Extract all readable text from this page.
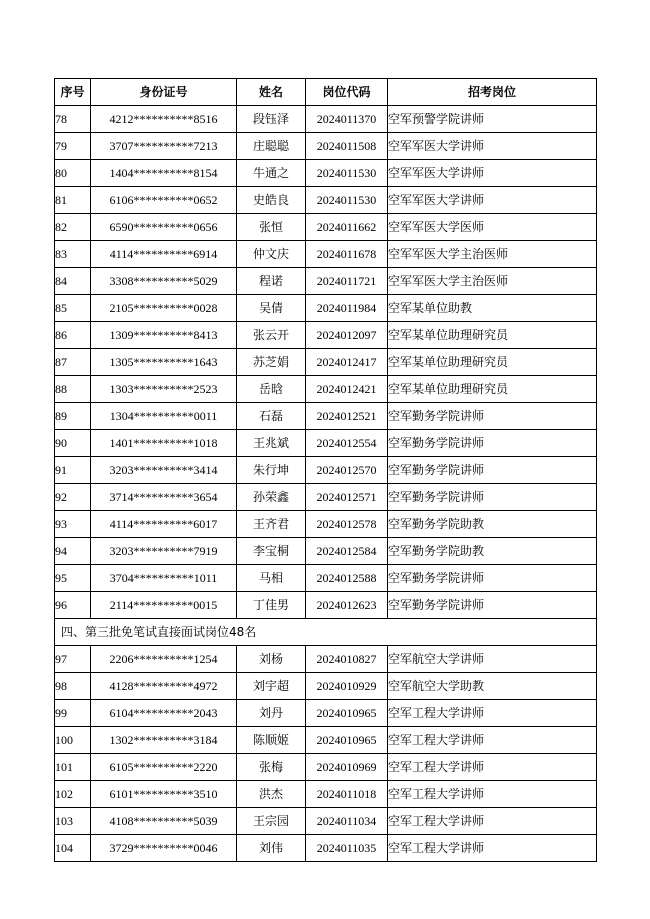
序号	身份证号	姓名	岗位代码	招考岗位
78	4212**********8516	段钰泽	2024011370	空军预警学院讲师
79	3707**********7213	庄聪聪	2024011508	空军军医大学讲师
80	1404**********8154	牛通之	2024011530	空军军医大学讲师
81	6106**********0652	史皓良	2024011530	空军军医大学讲师
82	6590**********0656	张恒	2024011662	空军军医大学医师
83	4114**********6914	仲文庆	2024011678	空军军医大学主治医师
84	3308**********5029	程诺	2024011721	空军军医大学主治医师
85	2105**********0028	吴倩	2024011984	空军某单位助教
86	1309**********8413	张云开	2024012097	空军某单位助理研究员
87	1305**********1643	苏芝娟	2024012417	空军某单位助理研究员
88	1303**********2523	岳晗	2024012421	空军某单位助理研究员
89	1304**********0011	石磊	2024012521	空军勤务学院讲师
90	1401**********1018	王兆斌	2024012554	空军勤务学院讲师
91	3203**********3414	朱行坤	2024012570	空军勤务学院讲师
92	3714**********3654	孙荣鑫	2024012571	空军勤务学院讲师
93	4114**********6017	王齐君	2024012578	空军勤务学院助教
94	3203**********7919	李宝桐	2024012584	空军勤务学院助教
95	3704**********1011	马相	2024012588	空军勤务学院讲师
96	2114**********0015	丁佳男	2024012623	空军勤务学院讲师
四、第三批免笔试直接面试岗位48名				
97	2206**********1254	刘杨	2024010827	空军航空大学讲师
98	4128**********4972	刘宇超	2024010929	空军航空大学助教
99	6104**********2043	刘丹	2024010965	空军工程大学讲师
100	1302**********3184	陈顺姬	2024010965	空军工程大学讲师
101	6105**********2220	张梅	2024010969	空军工程大学讲师
102	6101**********3510	洪杰	2024011018	空军工程大学讲师
103	4108**********5039	王宗园	2024011034	空军工程大学讲师
104	3729**********0046	刘伟	2024011035	空军工程大学讲师
